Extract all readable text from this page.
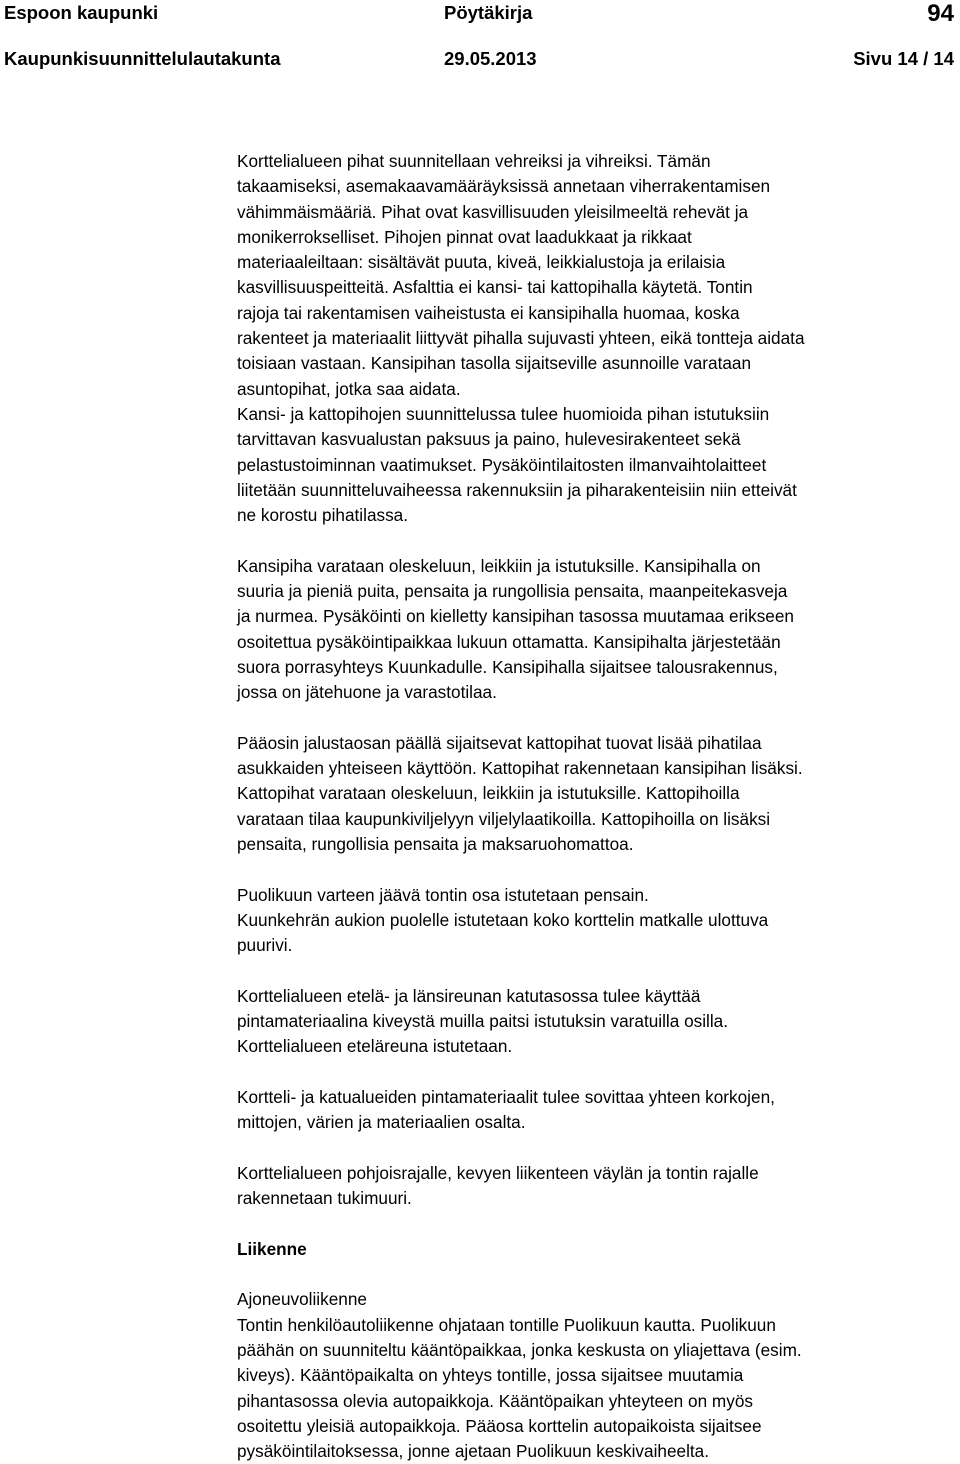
Espoon kaupunki	Pöytäkirja	94
Kaupunkisuunnittelulautakunta	29.05.2013	Sivu 14 / 14

Korttelialueen pihat suunnitellaan vehreiksi ja vihreiksi. Tämän

takaamiseksi, asemakaavamääräyksissä annetaan viherrakentamisen

vähimmäismääriä. Pihat ovat kasvillisuuden yleisilmeeltä rehevät ja

monikerrokselliset. Pihojen pinnat ovat laadukkaat ja rikkaat

materiaaleiltaan: sisältävät puuta, kiveä, leikkialustoja ja erilaisia

kasvillisuuspeitteitä. Asfalttia ei kansi- tai kattopihalla käytetä. Tontin

rajoja tai rakentamisen vaiheistusta ei kansipihalla huomaa, koska

rakenteet ja materiaalit liittyvät pihalla sujuvasti yhteen, eikä tontteja aidata

toisiaan vastaan. Kansipihan tasolla sijaitseville asunnoille varataan

asuntopihat, jotka saa aidata.

Kansi- ja kattopihojen suunnittelussa tulee huomioida pihan istutuksiin

tarvittavan kasvualustan paksuus ja paino, hulevesirakenteet sekä

pelastustoiminnan vaatimukset. Pysäköintilaitosten ilmanvaihtolaitteet

liitetään suunnitteluvaiheessa rakennuksiin ja piharakenteisiin niin etteivät

ne korostu pihatilassa.

Kansipiha varataan oleskeluun, leikkiin ja istutuksille. Kansipihalla on

suuria ja pieniä puita, pensaita ja rungollisia pensaita, maanpeitekasveja

ja nurmea. Pysäköinti on kielletty kansipihan tasossa muutamaa erikseen

osoitettua pysäköintipaikkaa lukuun ottamatta. Kansipihalta järjestetään

suora porrasyhteys Kuunkadulle. Kansipihalla sijaitsee talousrakennus,

jossa on jätehuone ja varastotilaa.

Pääosin jalustaosan päällä sijaitsevat kattopihat tuovat lisää pihatilaa

asukkaiden yhteiseen käyttöön. Kattopihat rakennetaan kansipihan lisäksi.

Kattopihat varataan oleskeluun, leikkiin ja istutuksille. Kattopihoilla

varataan tilaa kaupunkiviljelyyn viljelylaatikoilla. Kattopihoilla on lisäksi

pensaita, rungollisia pensaita ja maksaruohomattoa.

Puolikuun varteen jäävä tontin osa istutetaan pensain.

Kuunkehrän aukion puolelle istutetaan koko korttelin matkalle ulottuva

puurivi.

Korttelialueen etelä- ja länsireunan katutasossa tulee käyttää

pintamateriaalina kiveystä muilla paitsi istutuksin varatuilla osilla.

Korttelialueen eteläreuna istutetaan.

Kortteli- ja katualueiden pintamateriaalit tulee sovittaa yhteen korkojen,

mittojen, värien ja materiaalien osalta.

Korttelialueen pohjoisrajalle, kevyen liikenteen väylän ja tontin rajalle

rakennetaan tukimuuri.

Liikenne

Ajoneuvoliikenne

Tontin henkilöautoliikenne ohjataan tontille Puolikuun kautta. Puolikuun

päähän on suunniteltu kääntöpaikkaa, jonka keskusta on yliajettava (esim.

kiveys). Kääntöpaikalta on yhteys tontille, jossa sijaitsee muutamia

pihantasossa olevia autopaikkoja. Kääntöpaikan yhteyteen on myös

osoitettu yleisiä autopaikkoja. Pääosa korttelin autopaikoista sijaitsee

pysäköintilaitoksessa, jonne ajetaan Puolikuun keskivaiheelta.
